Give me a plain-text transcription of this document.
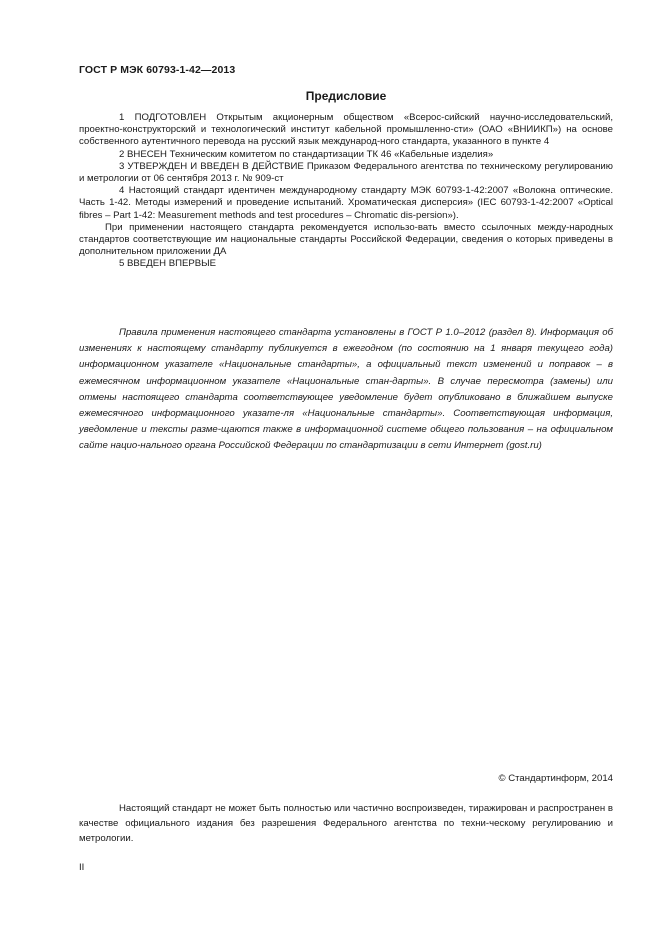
ГОСТ Р МЭК 60793-1-42—2013
Предисловие

1 ПОДГОТОВЛЕН Открытым акционерным обществом «Всерос-сийский научно-исследовательский, проектно-конструкторский и технологический институт кабельной промышленно-сти» (ОАО «ВНИИКП») на основе собственного аутентичного перевода на русский язык международ-ного стандарта, указанного в пункте 4

2 ВНЕСЕН Техническим комитетом по стандартизации ТК 46 «Кабельные изделия»

3 УТВЕРЖДЕН И ВВЕДЕН В ДЕЙСТВИЕ Приказом Федерального агентства по техническому регулированию и метрологии от 06 сентября 2013 г. № 909-ст

4 Настоящий стандарт идентичен международному стандарту МЭК 60793-1-42:2007 «Волокна оптические. Часть 1-42. Методы измерений и проведение испытаний. Хроматическая дисперсия» (IEC 60793-1-42:2007 «Optical fibres – Part 1-42: Measurement methods and test procedures – Chromatic dis-persion»).

При применении настоящего стандарта рекомендуется использо-вать вместо ссылочных между-народных стандартов соответствующие им национальные стандарты Российской Федерации, сведения о которых приведены в дополнительном приложении ДА

5 ВВЕДЕН ВПЕРВЫЕ

Правила применения настоящего стандарта установлены в ГОСТ Р 1.0–2012 (раздел 8). Информация об изменениях к настоящему стандарту публикуется в ежегодном (по состоянию на 1 января текущего года) информационном указателе «Национальные стандарты», а официальный текст изменений и поправок – в ежемесячном информационном указателе «Национальные стан-дарты». В случае пересмотра (замены) или отмены настоящего стандарта соответствующее уведомление будет опубликовано в ближайшем выпуске ежемесячного информационного указате-ля «Национальные стандарты». Соответствующая информация, уведомление и тексты разме-щаются также в информационной системе общего пользования – на официальном сайте нацио-нального органа Российской Федерации по стандартизации в сети Интернет (gost.ru)

© Стандартинформ, 2014

Настоящий стандарт не может быть полностью или частично воспроизведен, тиражирован и распространен в качестве официального издания без разрешения Федерального агентства по техни-ческому регулированию и метрологии.

II
